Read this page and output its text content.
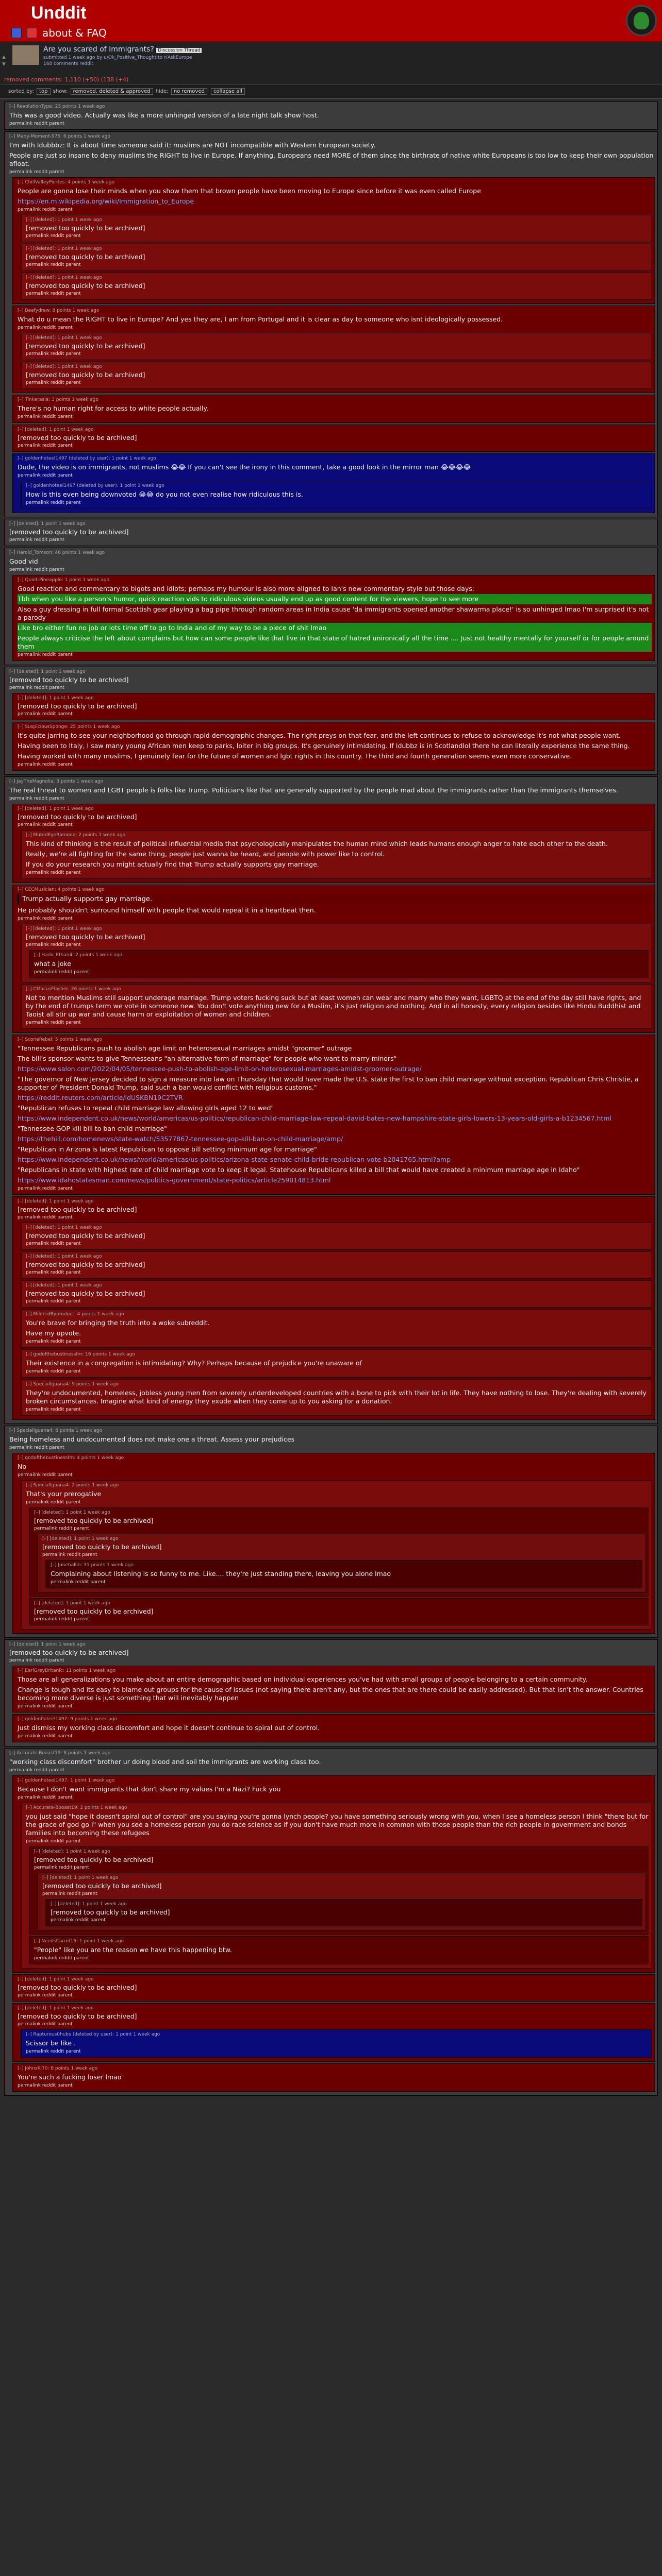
Unddit
about & FAQ
▲
▼
Are you scared of Immigrants? Discussion Thread
submitted 1 week ago by u/Ok_Positive_Thought to r/AskEurope
168 comments reddit
removed comments: 1,110 (+50) (138 (+4)
sorted by: top show: removed, deleted & approved hide: no removed collapse all
[–] RevolutionType: 23 points 1 week ago
This was a good video. Actually was like a more unhinged version of a late night talk show host.
permalink reddit parent
[–] Many-Moment-976: 6 points 1 week ago
I'm with Idubbbz: It is about time someone said it: muslims are NOT incompatible with Western European society.
People are just so insane to deny muslims the RIGHT to live in Europe. If anything, Europeans need MORE of them since the birthrate of native white Europeans is too low to keep their own population afloat.
permalink reddit parent
[–] ChillValleyPickles: 4 points 1 week ago
People are gonna lose their minds when you show them that brown people have been moving to Europe since before it was even called Europe
https://en.m.wikipedia.org/wiki/Immigration_to_Europe
permalink reddit parent
[–] [deleted]: 1 point 1 week ago
[removed too quickly to be archived]
permalink reddit parent
[–] [deleted]: 1 point 1 week ago
[removed too quickly to be archived]
permalink reddit parent
[–] [deleted]: 1 point 1 week ago
[removed too quickly to be archived]
permalink reddit parent
[–] Beefydrew: 8 points 1 week ago
What do u mean the RIGHT to live in Europe? And yes they are, I am from Portugal and it is clear as day to someone who isnt ideologically possessed.
permalink reddit parent
[–] [deleted]: 1 point 1 week ago
[removed too quickly to be archived]
permalink reddit parent
[–] [deleted]: 1 point 1 week ago
[removed too quickly to be archived]
permalink reddit parent
[–] Tinkerasia: 3 points 1 week ago
There's no human right for access to white people actually.
permalink reddit parent
[–] [deleted]: 1 point 1 week ago
[removed too quickly to be archived]
permalink reddit parent
[–] goldenhoteel1497 (deleted by user): 1 point 1 week ago
Dude, the video is on immigrants, not muslims 😂😂 If you can't see the irony in this comment, take a good look in the mirror man 😂😂😂😂
permalink reddit parent
[–] goldenhoteel1497 (deleted by user): 1 point 1 week ago
How is this even being downvoted 😂😂 do you not even realise how ridiculous this is.
permalink reddit parent
[–] [deleted]: 1 point 1 week ago
[removed too quickly to be archived]
permalink reddit parent
[–] Harold_Tomson: 46 points 1 week ago
Good vid
permalink reddit parent
[–] Quiet-Pineapple: 1 point 1 week ago
Good reaction and commentary to bigots and idiots; perhaps my humour is also more aligned to Ian's new commentary style but those days:
Tbh when you like a person's humor, quick reaction vids to ridiculous videos usually end up as good content for the viewers, hope to see more
Also a guy dressing in full formal Scottish gear playing a bag pipe through random areas in India cause 'da immigrants opened another shawarma place!' is so unhinged lmao I'm surprised it's not a parody
Like bro either fun no job or lots time off to go to India and of my way to be a piece of shit lmao
People always criticise the left about complains but how can some people like that live in that state of hatred unironically all the time .... Just not healthy mentally for yourself or for people around them
permalink reddit parent
[–] [deleted]: 1 point 1 week ago
[removed too quickly to be archived]
permalink reddit parent
[–] [deleted]: 1 point 1 week ago
[removed too quickly to be archived]
permalink reddit parent
[–] SuspiciousSponge: 25 points 1 week ago
It's quite jarring to see your neighborhood go through rapid demographic changes. The right preys on that fear, and the left continues to refuse to acknowledge it's not what people want.
Having been to Italy, I saw many young African men keep to parks, loiter in big groups. It's genuinely intimidating. If Idubbz is in Scotlandlol there he can literally experience the same thing.
Having worked with many muslims, I genuinely fear for the future of women and lgbt rights in this country. The third and fourth generation seems even more conservative.
permalink reddit parent
[–] JayTheMagnolia: 3 points 1 week ago
The real threat to women and LGBT people is folks like Trump. Politicians like that are generally supported by the people mad about the immigrants rather than the immigrants themselves.
permalink reddit parent
[–] [deleted]: 1 point 1 week ago
[removed too quickly to be archived]
permalink reddit parent
[–] MutedEyeRamone: 2 points 1 week ago
This kind of thinking is the result of political influential media that psychologically manipulates the human mind which leads humans enough anger to hate each other to the death.
Really, we're all fighting for the same thing, people just wanna be heard, and people with power like to control.
If you do your research you might actually find that Trump actually supports gay marriage.
permalink reddit parent
[–] CECMusician: 4 points 1 week ago
Trump actually supports gay marriage.
He probably shouldn't surround himself with people that would repeal it in a heartbeat then.
permalink reddit parent
[–] [deleted]: 1 point 1 week ago
[removed too quickly to be archived]
permalink reddit parent
[–] Hado_Ethan4: 2 points 1 week ago
what a joke
permalink reddit parent
[–] CMacusFlasher: 26 points 1 week ago
Not to mention Muslims still support underage marriage. Trump voters fucking suck but at least women can wear and marry who they want, LGBTQ at the end of the day still have rights, and by the end of trumps term we vote in someone new. You don't vote anything new for a Muslim, it's just religion and nothing. And in all honesty, every religion besides like Hindu Buddhist and Taoist all stir up war and cause harm or exploitation of women and children.
permalink reddit parent
[–] SconeRebel: 5 points 1 week ago
"Tennessee Republicans push to abolish age limit on heterosexual marriages amidst "groomer" outrage
The bill's sponsor wants to give Tennesseans "an alternative form of marriage" for people who want to marry minors"
https://www.salon.com/2022/04/05/tennessee-push-to-abolish-age-limit-on-heterosexual-marriages-amidst-groomer-outrage/
"The governor of New Jersey decided to sign a measure into law on Thursday that would have made the U.S. state the first to ban child marriage without exception. Republican Chris Christie, a supporter of President Donald Trump, said such a ban would conflict with religious customs."
https://reddit.reuters.com/article/idUSKBN19C2TVR
"Republican refuses to repeal child marriage law allowing girls aged 12 to wed"
https://www.independent.co.uk/news/world/americas/us-politics/republican-child-marriage-law-repeal-david-bates-new-hampshire-state-girls-lowers-13-years-old-girls-a-b1234567.html
"Tennessee GOP kill bill to ban child marriage"
https://thehill.com/homenews/state-watch/53577867-tennessee-gop-kill-ban-on-child-marriage/amp/
"Republican in Arizona is latest Republican to oppose bill setting minimum age for marriage"
https://www.independent.co.uk/news/world/americas/us-politics/arizona-state-senate-child-bride-republican-vote-b2041765.html?amp
"Republicans in state with highest rate of child marriage vote to keep it legal. Statehouse Republicans killed a bill that would have created a minimum marriage age in Idaho"
https://www.idahostatesman.com/news/politics-government/state-politics/article259014813.html
permalink reddit parent
[–] [deleted]: 1 point 1 week ago
[removed too quickly to be archived]
permalink reddit parent
[–] [deleted]: 1 point 1 week ago
[removed too quickly to be archived]
permalink reddit parent
[–] [deleted]: 1 point 1 week ago
[removed too quickly to be archived]
permalink reddit parent
[–] [deleted]: 1 point 1 week ago
[removed too quickly to be archived]
permalink reddit parent
[–] MildredByproduct: 4 points 1 week ago
You're brave for bringing the truth into a woke subreddit.
Have my upvote.
permalink reddit parent
[–] godofthebustinessfm: 16 points 1 week ago
Their existence in a congregation is intimidating? Why? Perhaps because of prejudice you're unaware of
permalink reddit parent
[–] SpecialIguana4: 9 points 1 week ago
They're undocumented, homeless, jobless young men from severely underdeveloped countries with a bone to pick with their lot in life. They have nothing to lose. They're dealing with severely broken circumstances. Imagine what kind of energy they exude when they come up to you asking for a donation.
permalink reddit parent
[–] SpecialIguana4: 6 points 1 week ago
Being homeless and undocumented does not make one a threat. Assess your prejudices
permalink reddit parent
[–] godofthebustinessfm: 4 points 1 week ago
No
permalink reddit parent
[–] SpecialIguana4: 2 points 1 week ago
That's your prerogative
permalink reddit parent
[–] [deleted]: 1 point 1 week ago
[removed too quickly to be archived]
permalink reddit parent
[–] [deleted]: 1 point 1 week ago
[removed too quickly to be archived]
permalink reddit parent
[–] Juneballin: 31 points 1 week ago
Complaining about listening is so funny to me. Like.... they're just standing there, leaving you alone lmao
permalink reddit parent
[–] [deleted]: 1 point 1 week ago
[removed too quickly to be archived]
permalink reddit parent
[–] [deleted]: 1 point 1 week ago
[removed too quickly to be archived]
permalink reddit parent
[–] EarlGreyBritanic: 11 points 1 week ago
Those are all generalizations you make about an entire demographic based on individual experiences you've had with small groups of people belonging to a certain community.
Change is tough and its easy to blame out groups for the cause of issues (not saying there aren't any, but the ones that are there could be easily addressed). But that isn't the answer. Countries becoming more diverse is just something that will inevitably happen
permalink reddit parent
[–] goldenhoteel1497: 9 points 1 week ago
Just dismiss my working class discomfort and hope it doesn't continue to spiral out of control.
permalink reddit parent
[–] Accurate-Booast19: 8 points 1 week ago
"working class discomfort" brother ur doing blood and soil the immigrants are working class too.
permalink reddit parent
[–] goldenhoteel1497: 1 point 1 week ago
Because I don't want immigrants that don't share my values I'm a Nazi? Fuck you
permalink reddit parent
[–] Accurate-Booast19: 2 points 1 week ago
you just said "hope it doesn't spiral out of control" are you saying you're gonna lynch people? you have something seriously wrong with you, when I see a homeless person I think "there but for the grace of god go I" when you see a homeless person you do race science as if you don't have much more in common with those people than the rich people in government and bonds families into becoming these refugees
permalink reddit parent
[–] [deleted]: 1 point 1 week ago
[removed too quickly to be archived]
permalink reddit parent
[–] [deleted]: 1 point 1 week ago
[removed too quickly to be archived]
permalink reddit parent
[–] [deleted]: 1 point 1 week ago
[removed too quickly to be archived]
permalink reddit parent
[–] NeedsCarrot16: 1 point 1 week ago
"People" like you are the reason we have this happening btw.
permalink reddit parent
[–] [deleted]: 1 point 1 week ago
[removed too quickly to be archived]
permalink reddit parent
[–] [deleted]: 1 point 1 week ago
[removed too quickly to be archived]
permalink reddit parent
[–] Rapturous0hubs (deleted by user): 1 point 1 week ago
Scissor be like .
permalink reddit parent
[–] JohnsKi70: 8 points 1 week ago
You're such a fucking loser lmao
permalink reddit parent
